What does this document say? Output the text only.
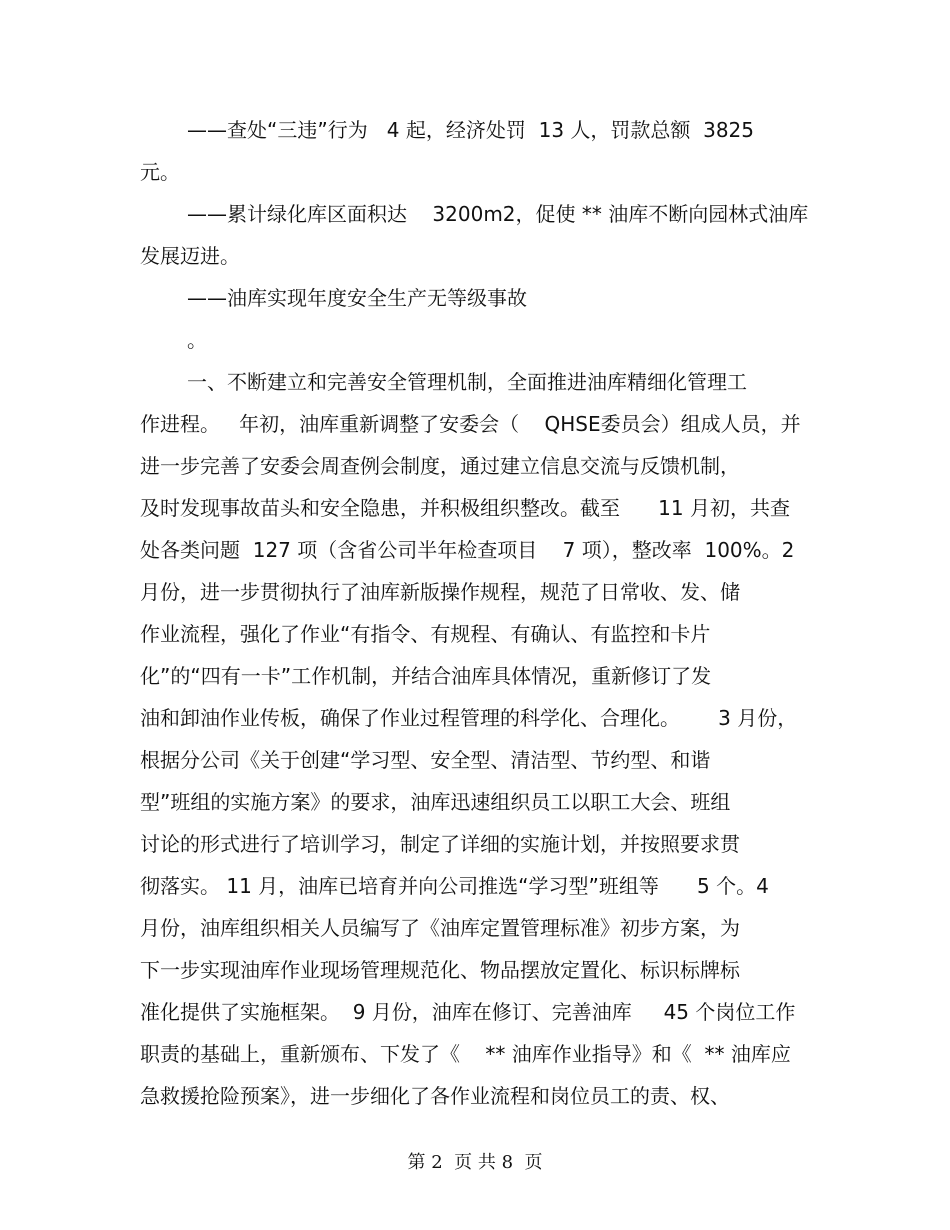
——查处“三违”行为   4 起，经济处罚  13 人，罚款总额  3825
元。
——累计绿化库区面积达    3200m2，促使 ** 油库不断向园林式油库
发展迈进。
——油库实现年度安全生产无等级事故
。
一、不断建立和完善安全管理机制，全面推进油库精细化管理工
作进程。   年初，油库重新调整了安委会（    QHSE委员会）组成人员，并
进一步完善了安委会周查例会制度，通过建立信息交流与反馈机制，
及时发现事故苗头和安全隐患，并积极组织整改。截至      11 月初，共查
处各类问题  127 项（含省公司半年检查项目    7 项），整改率  100%。2
月份，进一步贯彻执行了油库新版操作规程，规范了日常收、发、储
作业流程，强化了作业“有指令、有规程、有确认、有监控和卡片
化”的“四有一卡”工作机制，并结合油库具体情况，重新修订了发
油和卸油作业传板，确保了作业过程管理的科学化、合理化。      3 月份，
根据分公司《关于创建“学习型、安全型、清洁型、节约型、和谐
型”班组的实施方案》的要求，油库迅速组织员工以职工大会、班组
讨论的形式进行了培训学习，制定了详细的实施计划，并按照要求贯
彻落实。 11 月，油库已培育并向公司推选“学习型”班组等      5 个。4
月份，油库组织相关人员编写了《油库定置管理标准》初步方案，为
下一步实现油库作业现场管理规范化、物品摆放定置化、标识标牌标
准化提供了实施框架。  9 月份，油库在修订、完善油库     45 个岗位工作
职责的基础上，重新颁布、下发了《    ** 油库作业指导》和《  ** 油库应
急救援抢险预案》，进一步细化了各作业流程和岗位员工的责、权、
第 2  页 共 8  页
